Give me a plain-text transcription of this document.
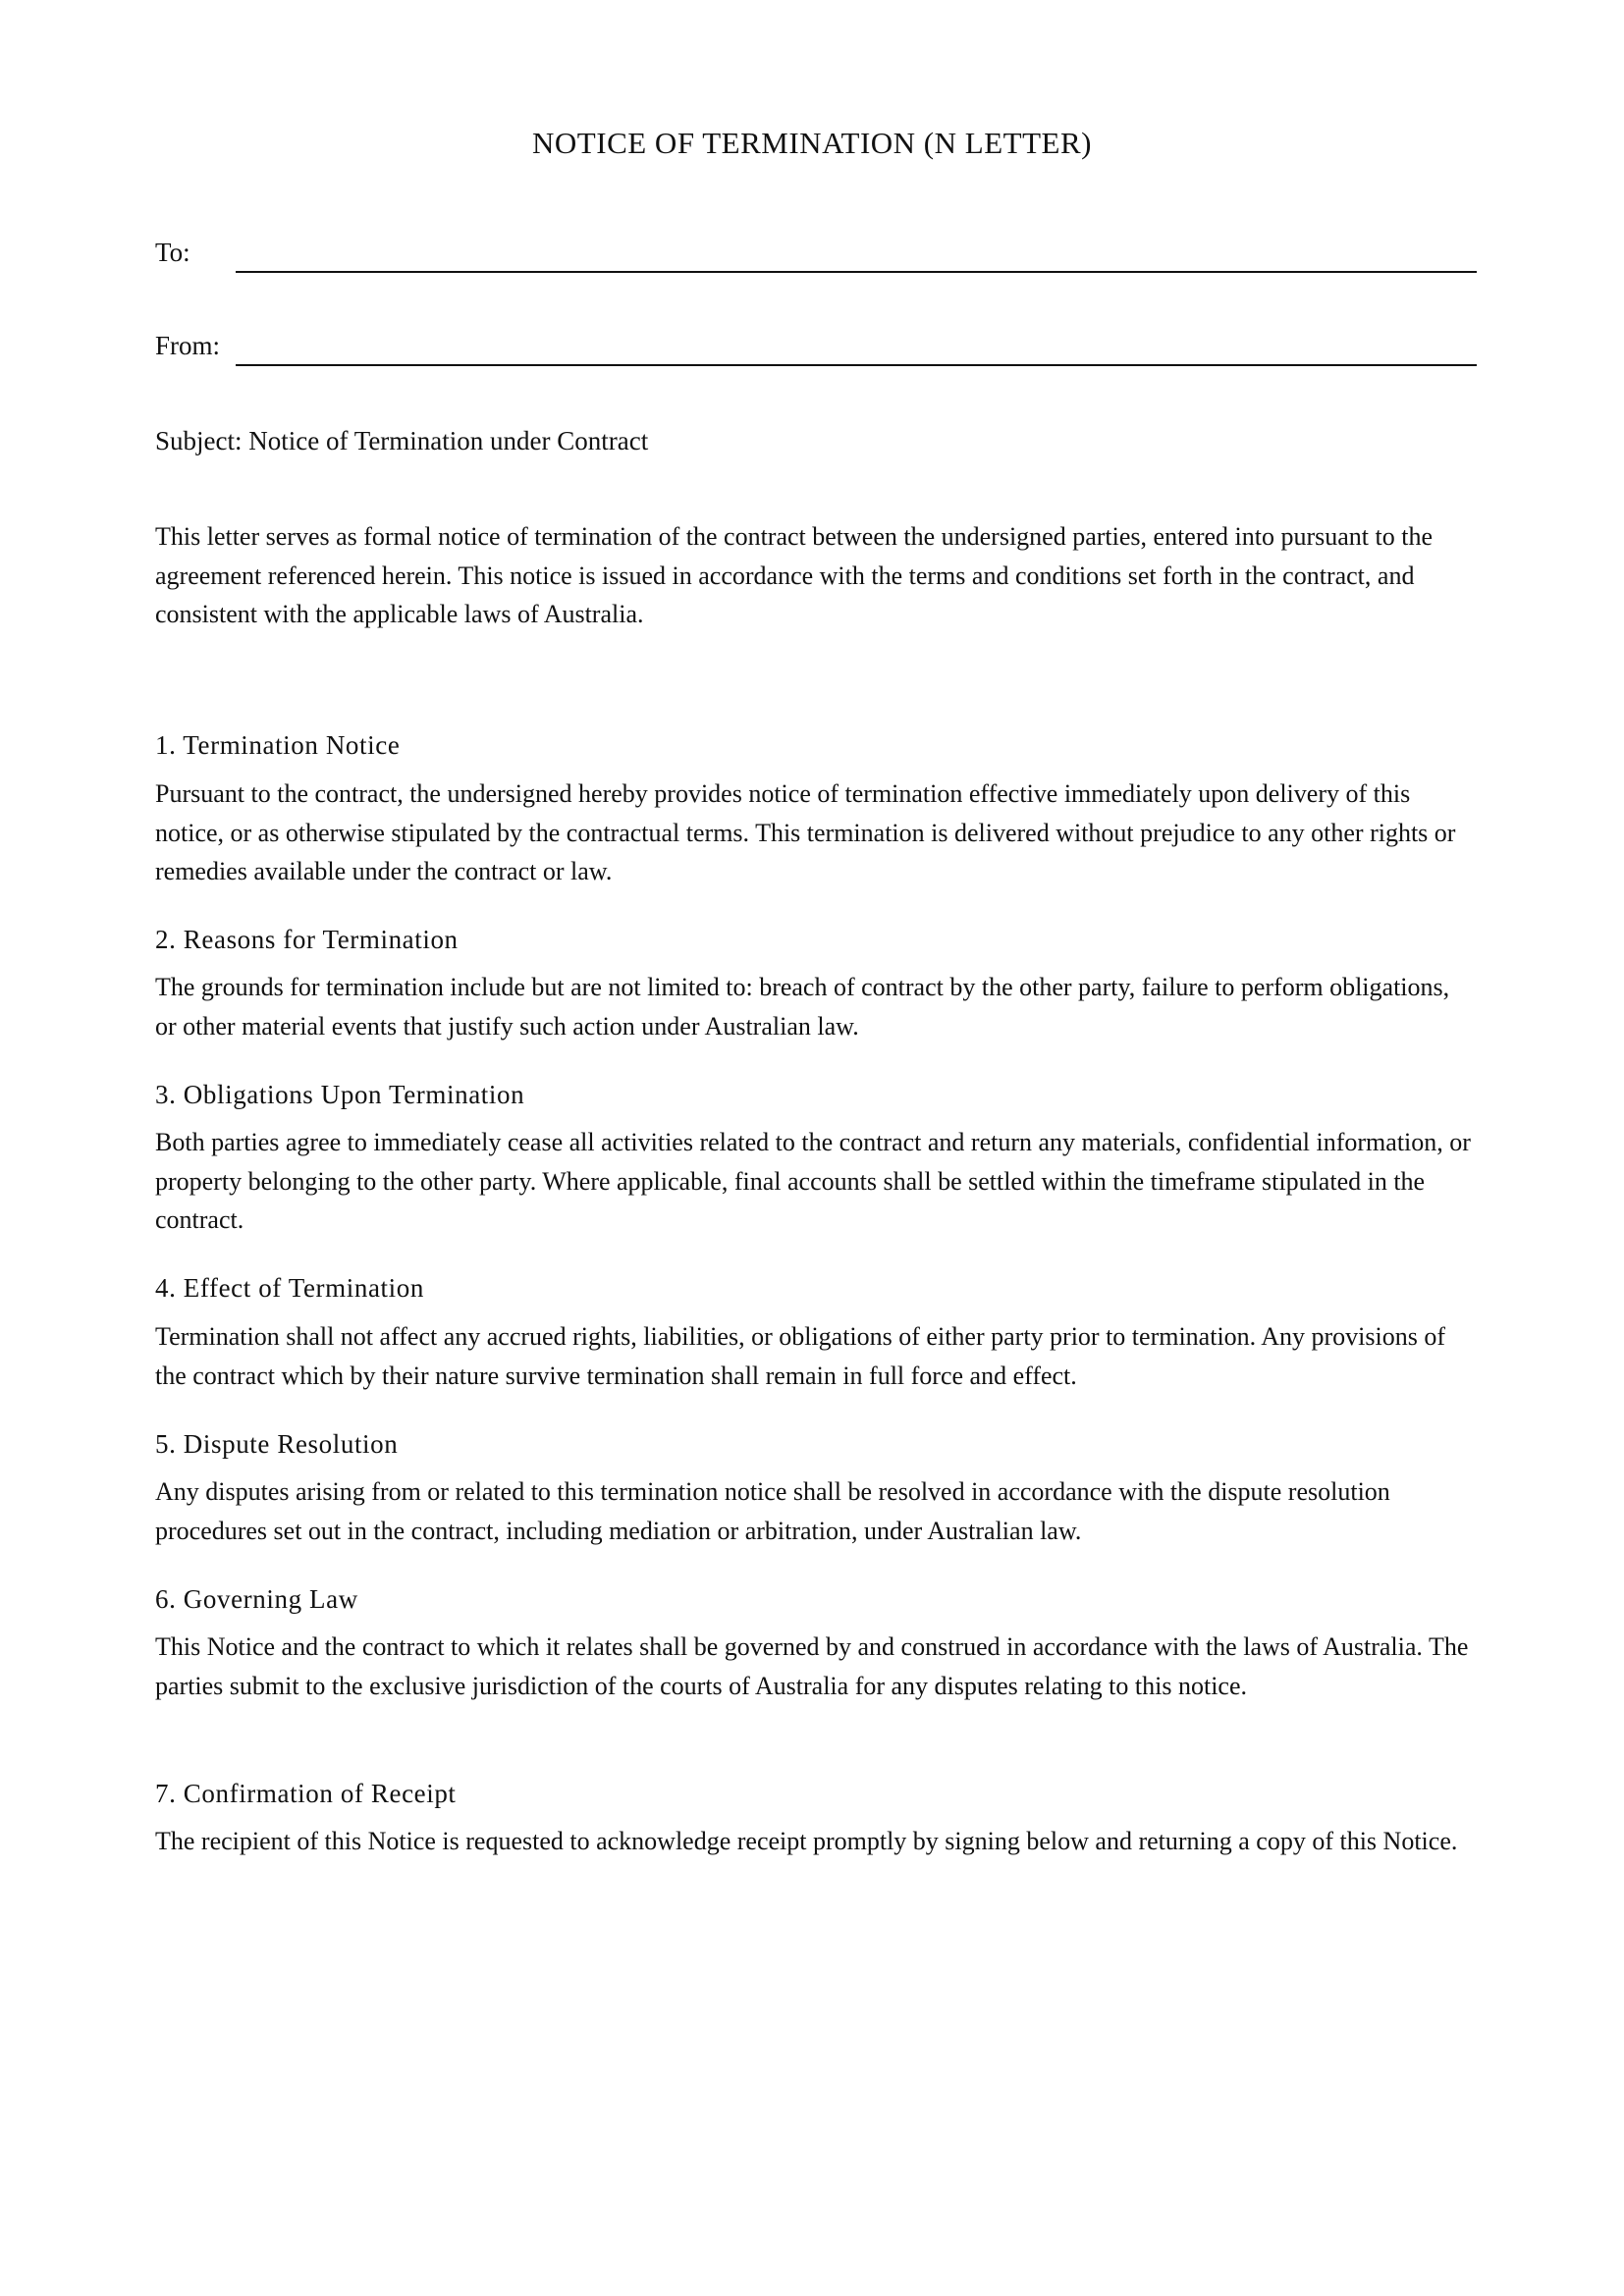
NOTICE OF TERMINATION (N LETTER)
To:
From:
Subject: Notice of Termination under Contract
This letter serves as formal notice of termination of the contract between the undersigned parties, entered into pursuant to the agreement referenced herein. This notice is issued in accordance with the terms and conditions set forth in the contract, and consistent with the applicable laws of Australia.
1. Termination Notice
Pursuant to the contract, the undersigned hereby provides notice of termination effective immediately upon delivery of this notice, or as otherwise stipulated by the contractual terms. This termination is delivered without prejudice to any other rights or remedies available under the contract or law.
2. Reasons for Termination
The grounds for termination include but are not limited to: breach of contract by the other party, failure to perform obligations, or other material events that justify such action under Australian law.
3. Obligations Upon Termination
Both parties agree to immediately cease all activities related to the contract and return any materials, confidential information, or property belonging to the other party. Where applicable, final accounts shall be settled within the timeframe stipulated in the contract.
4. Effect of Termination
Termination shall not affect any accrued rights, liabilities, or obligations of either party prior to termination. Any provisions of the contract which by their nature survive termination shall remain in full force and effect.
5. Dispute Resolution
Any disputes arising from or related to this termination notice shall be resolved in accordance with the dispute resolution procedures set out in the contract, including mediation or arbitration, under Australian law.
6. Governing Law
This Notice and the contract to which it relates shall be governed by and construed in accordance with the laws of Australia. The parties submit to the exclusive jurisdiction of the courts of Australia for any disputes relating to this notice.
7. Confirmation of Receipt
The recipient of this Notice is requested to acknowledge receipt promptly by signing below and returning a copy of this Notice.
